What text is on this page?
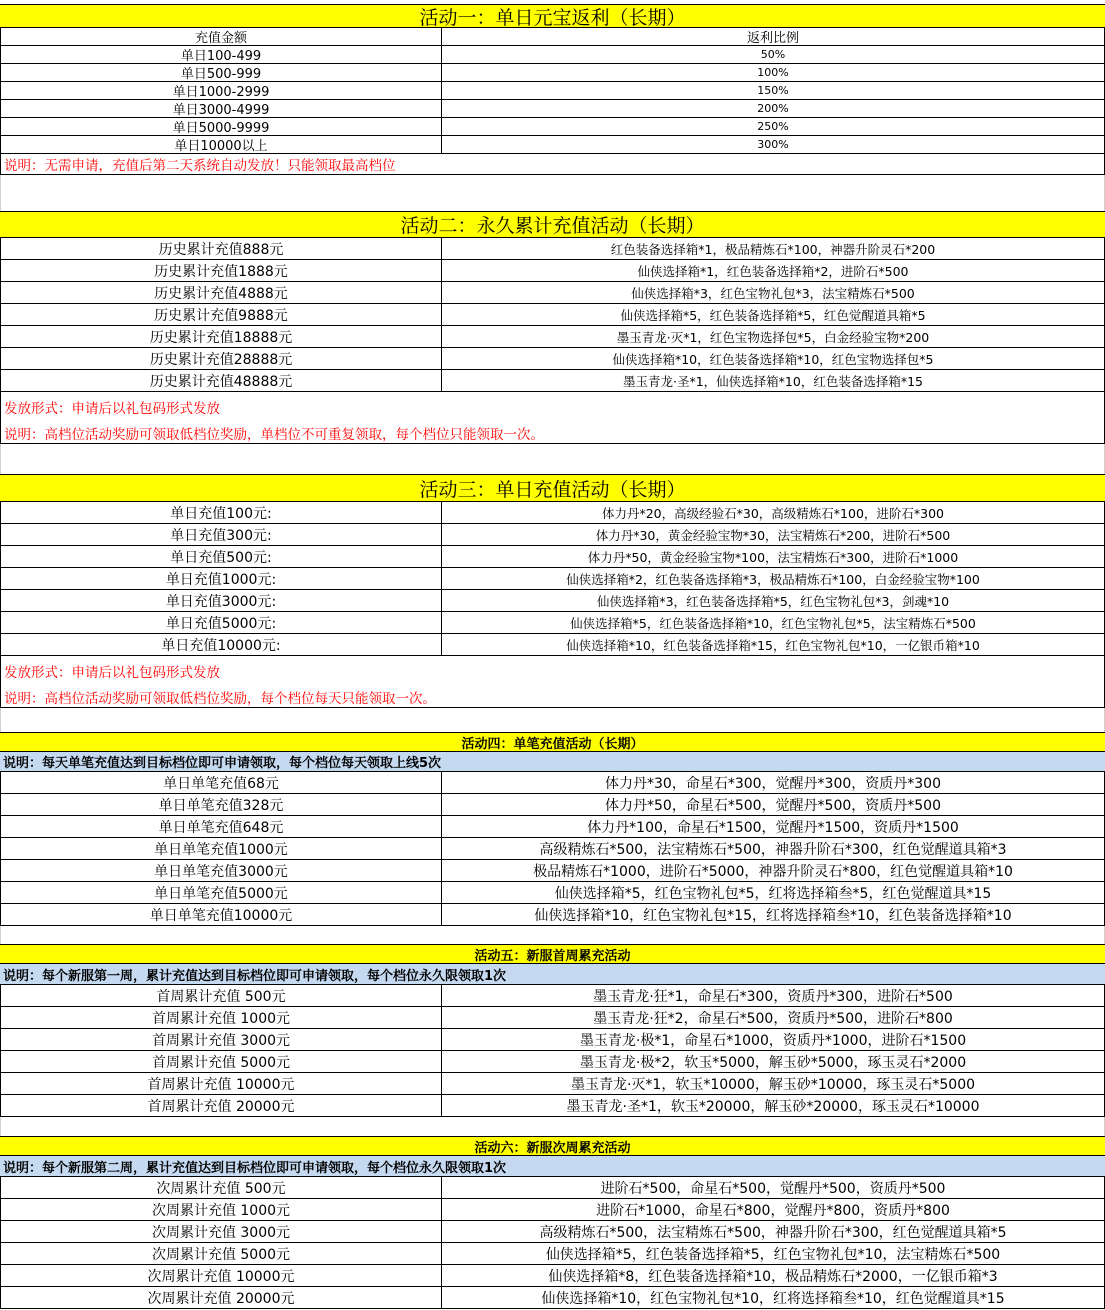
活动一：单日元宝返利（长期）
充值金额	返利比例
单日100-499	50%
单日500-999	100%
单日1000-2999	150%
单日3000-4999	200%
单日5000-9999	250%
单日10000以上	300%
说明：无需申请，充值后第二天系统自动发放！只能领取最高档位
活动二：永久累计充值活动（长期）
历史累计充值888元	红色装备选择箱*1，极品精炼石*100，神器升阶灵石*200
历史累计充值1888元	仙侠选择箱*1，红色装备选择箱*2，进阶石*500
历史累计充值4888元	仙侠选择箱*3，红色宝物礼包*3，法宝精炼石*500
历史累计充值9888元	仙侠选择箱*5，红色装备选择箱*5，红色觉醒道具箱*5
历史累计充值18888元	墨玉青龙·灭*1，红色宝物选择包*5，白金经验宝物*200
历史累计充值28888元	仙侠选择箱*10，红色装备选择箱*10，红色宝物选择包*5
历史累计充值48888元	墨玉青龙·圣*1，仙侠选择箱*10，红色装备选择箱*15
发放形式：申请后以礼包码形式发放
说明：高档位活动奖励可领取低档位奖励，单档位不可重复领取，每个档位只能领取一次。
活动三：单日充值活动（长期）
单日充值100元:	体力丹*20，高级经验石*30，高级精炼石*100，进阶石*300
单日充值300元:	体力丹*30，黄金经验宝物*30，法宝精炼石*200，进阶石*500
单日充值500元:	体力丹*50，黄金经验宝物*100，法宝精炼石*300，进阶石*1000
单日充值1000元:	仙侠选择箱*2，红色装备选择箱*3，极品精炼石*100，白金经验宝物*100
单日充值3000元:	仙侠选择箱*3，红色装备选择箱*5，红色宝物礼包*3，剑魂*10
单日充值5000元:	仙侠选择箱*5，红色装备选择箱*10，红色宝物礼包*5，法宝精炼石*500
单日充值10000元:	仙侠选择箱*10，红色装备选择箱*15，红色宝物礼包*10，一亿银币箱*10
发放形式：申请后以礼包码形式发放
说明：高档位活动奖励可领取低档位奖励，每个档位每天只能领取一次。
活动四：单笔充值活动（长期）
说明：每天单笔充值达到目标档位即可申请领取，每个档位每天领取上线5次
单日单笔充值68元	体力丹*30，命星石*300，觉醒丹*300，资质丹*300
单日单笔充值328元	体力丹*50，命星石*500，觉醒丹*500，资质丹*500
单日单笔充值648元	体力丹*100，命星石*1500，觉醒丹*1500，资质丹*1500
单日单笔充值1000元	高级精炼石*500，法宝精炼石*500，神器升阶石*300，红色觉醒道具箱*3
单日单笔充值3000元	极品精炼石*1000，进阶石*5000，神器升阶灵石*800，红色觉醒道具箱*10
单日单笔充值5000元	仙侠选择箱*5，红色宝物礼包*5，红将选择箱叁*5，红色觉醒道具*15
单日单笔充值10000元	仙侠选择箱*10，红色宝物礼包*15，红将选择箱叁*10，红色装备选择箱*10
活动五：新服首周累充活动
说明：每个新服第一周，累计充值达到目标档位即可申请领取，每个档位永久限领取1次
首周累计充值 500元	墨玉青龙·狂*1，命星石*300，资质丹*300，进阶石*500
首周累计充值 1000元	墨玉青龙·狂*2，命星石*500，资质丹*500，进阶石*800
首周累计充值 3000元	墨玉青龙·极*1，命星石*1000，资质丹*1000，进阶石*1500
首周累计充值 5000元	墨玉青龙·极*2，软玉*5000，解玉砂*5000，琢玉灵石*2000
首周累计充值 10000元	墨玉青龙·灭*1，软玉*10000，解玉砂*10000，琢玉灵石*5000
首周累计充值 20000元	墨玉青龙·圣*1，软玉*20000，解玉砂*20000，琢玉灵石*10000
活动六：新服次周累充活动
说明：每个新服第二周，累计充值达到目标档位即可申请领取，每个档位永久限领取1次
次周累计充值 500元	进阶石*500，命星石*500，觉醒丹*500，资质丹*500
次周累计充值 1000元	进阶石*1000，命星石*800，觉醒丹*800，资质丹*800
次周累计充值 3000元	高级精炼石*500，法宝精炼石*500，神器升阶石*300，红色觉醒道具箱*5
次周累计充值 5000元	仙侠选择箱*5，红色装备选择箱*5，红色宝物礼包*10，法宝精炼石*500
次周累计充值 10000元	仙侠选择箱*8，红色装备选择箱*10，极品精炼石*2000，一亿银币箱*3
次周累计充值 20000元	仙侠选择箱*10，红色宝物礼包*10，红将选择箱叁*10，红色觉醒道具*15
